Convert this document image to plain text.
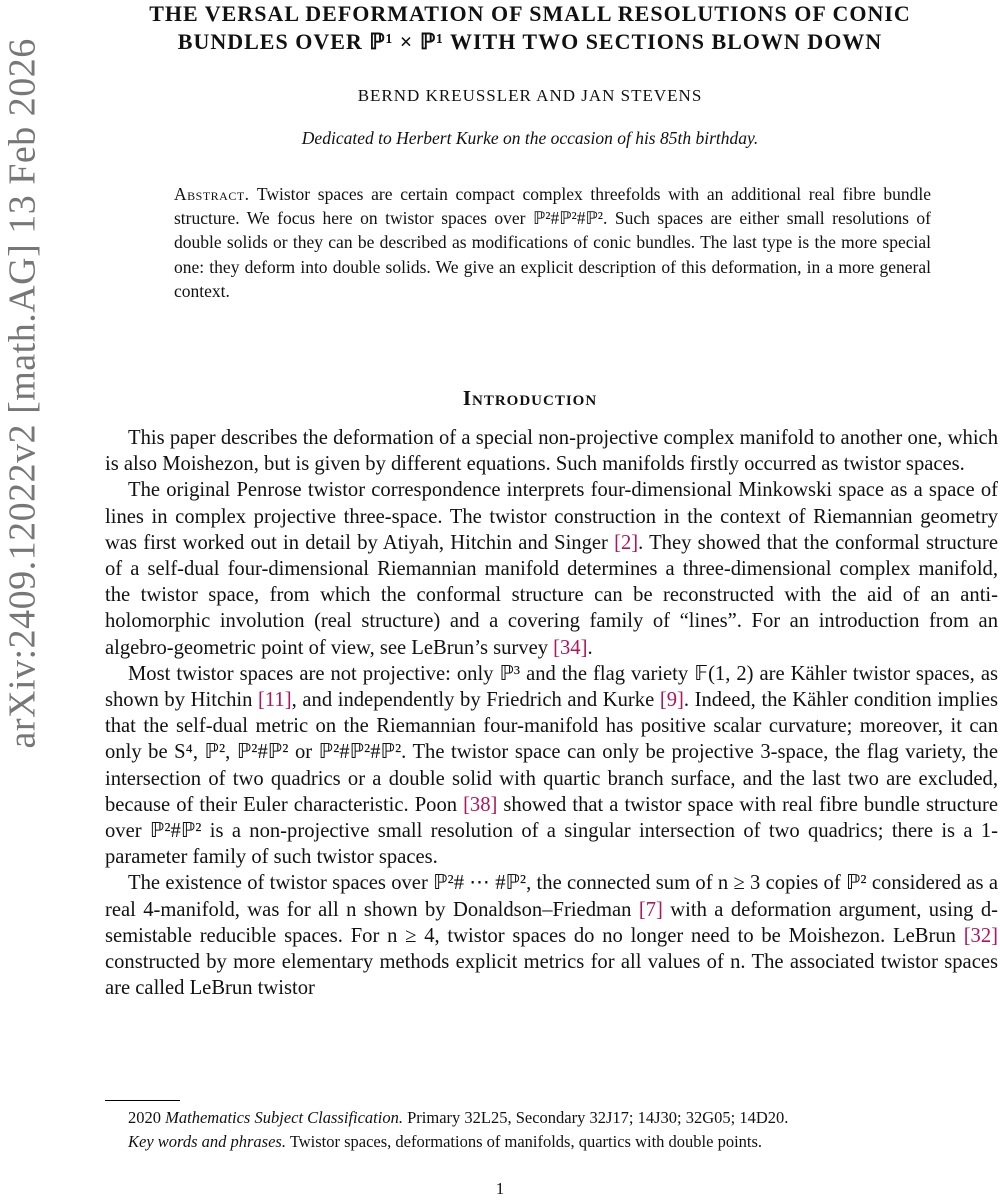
arXiv:2409.12022v2 [math.AG] 13 Feb 2026
THE VERSAL DEFORMATION OF SMALL RESOLUTIONS OF CONIC
BUNDLES OVER ℙ¹ × ℙ¹ WITH TWO SECTIONS BLOWN DOWN

BERND KREUSSLER AND JAN STEVENS

Dedicated to Herbert Kurke on the occasion of his 85th birthday.

Abstract. Twistor spaces are certain compact complex threefolds with an additional real fibre bundle structure. We focus here on twistor spaces over ℙ²#ℙ²#ℙ². Such spaces are either small resolutions of double solids or they can be described as modifications of conic bundles. The last type is the more special one: they deform into double solids. We give an explicit description of this deformation, in a more general context.

Introduction

This paper describes the deformation of a special non-projective complex manifold to another one, which is also Moishezon, but is given by different equations. Such manifolds firstly occurred as twistor spaces.

The original Penrose twistor correspondence interprets four-dimensional Minkowski space as a space of lines in complex projective three-space. The twistor construction in the context of Riemannian geometry was first worked out in detail by Atiyah, Hitchin and Singer [2]. They showed that the conformal structure of a self-dual four-dimensional Riemannian manifold determines a three-dimensional complex manifold, the twistor space, from which the conformal structure can be reconstructed with the aid of an anti-holomorphic involution (real structure) and a covering family of “lines”. For an introduction from an algebro-geometric point of view, see LeBrun’s survey [34].

Most twistor spaces are not projective: only ℙ³ and the flag variety 𝔽(1, 2) are Kähler twistor spaces, as shown by Hitchin [11], and independently by Friedrich and Kurke [9]. Indeed, the Kähler condition implies that the self-dual metric on the Riemannian four-manifold has positive scalar curvature; moreover, it can only be S⁴, ℙ², ℙ²#ℙ² or ℙ²#ℙ²#ℙ². The twistor space can only be projective 3-space, the flag variety, the intersection of two quadrics or a double solid with quartic branch surface, and the last two are excluded, because of their Euler characteristic. Poon [38] showed that a twistor space with real fibre bundle structure over ℙ²#ℙ² is a non-projective small resolution of a singular intersection of two quadrics; there is a 1-parameter family of such twistor spaces.

The existence of twistor spaces over ℙ²# ⋯ #ℙ², the connected sum of n ≥ 3 copies of ℙ² considered as a real 4-manifold, was for all n shown by Donaldson–Friedman [7] with a deformation argument, using d-semistable reducible spaces. For n ≥ 4, twistor spaces do no longer need to be Moishezon. LeBrun [32] constructed by more elementary methods explicit metrics for all values of n. The associated twistor spaces are called LeBrun twistor

2020 Mathematics Subject Classification. Primary 32L25, Secondary 32J17; 14J30; 32G05; 14D20.

Key words and phrases. Twistor spaces, deformations of manifolds, quartics with double points.

1
